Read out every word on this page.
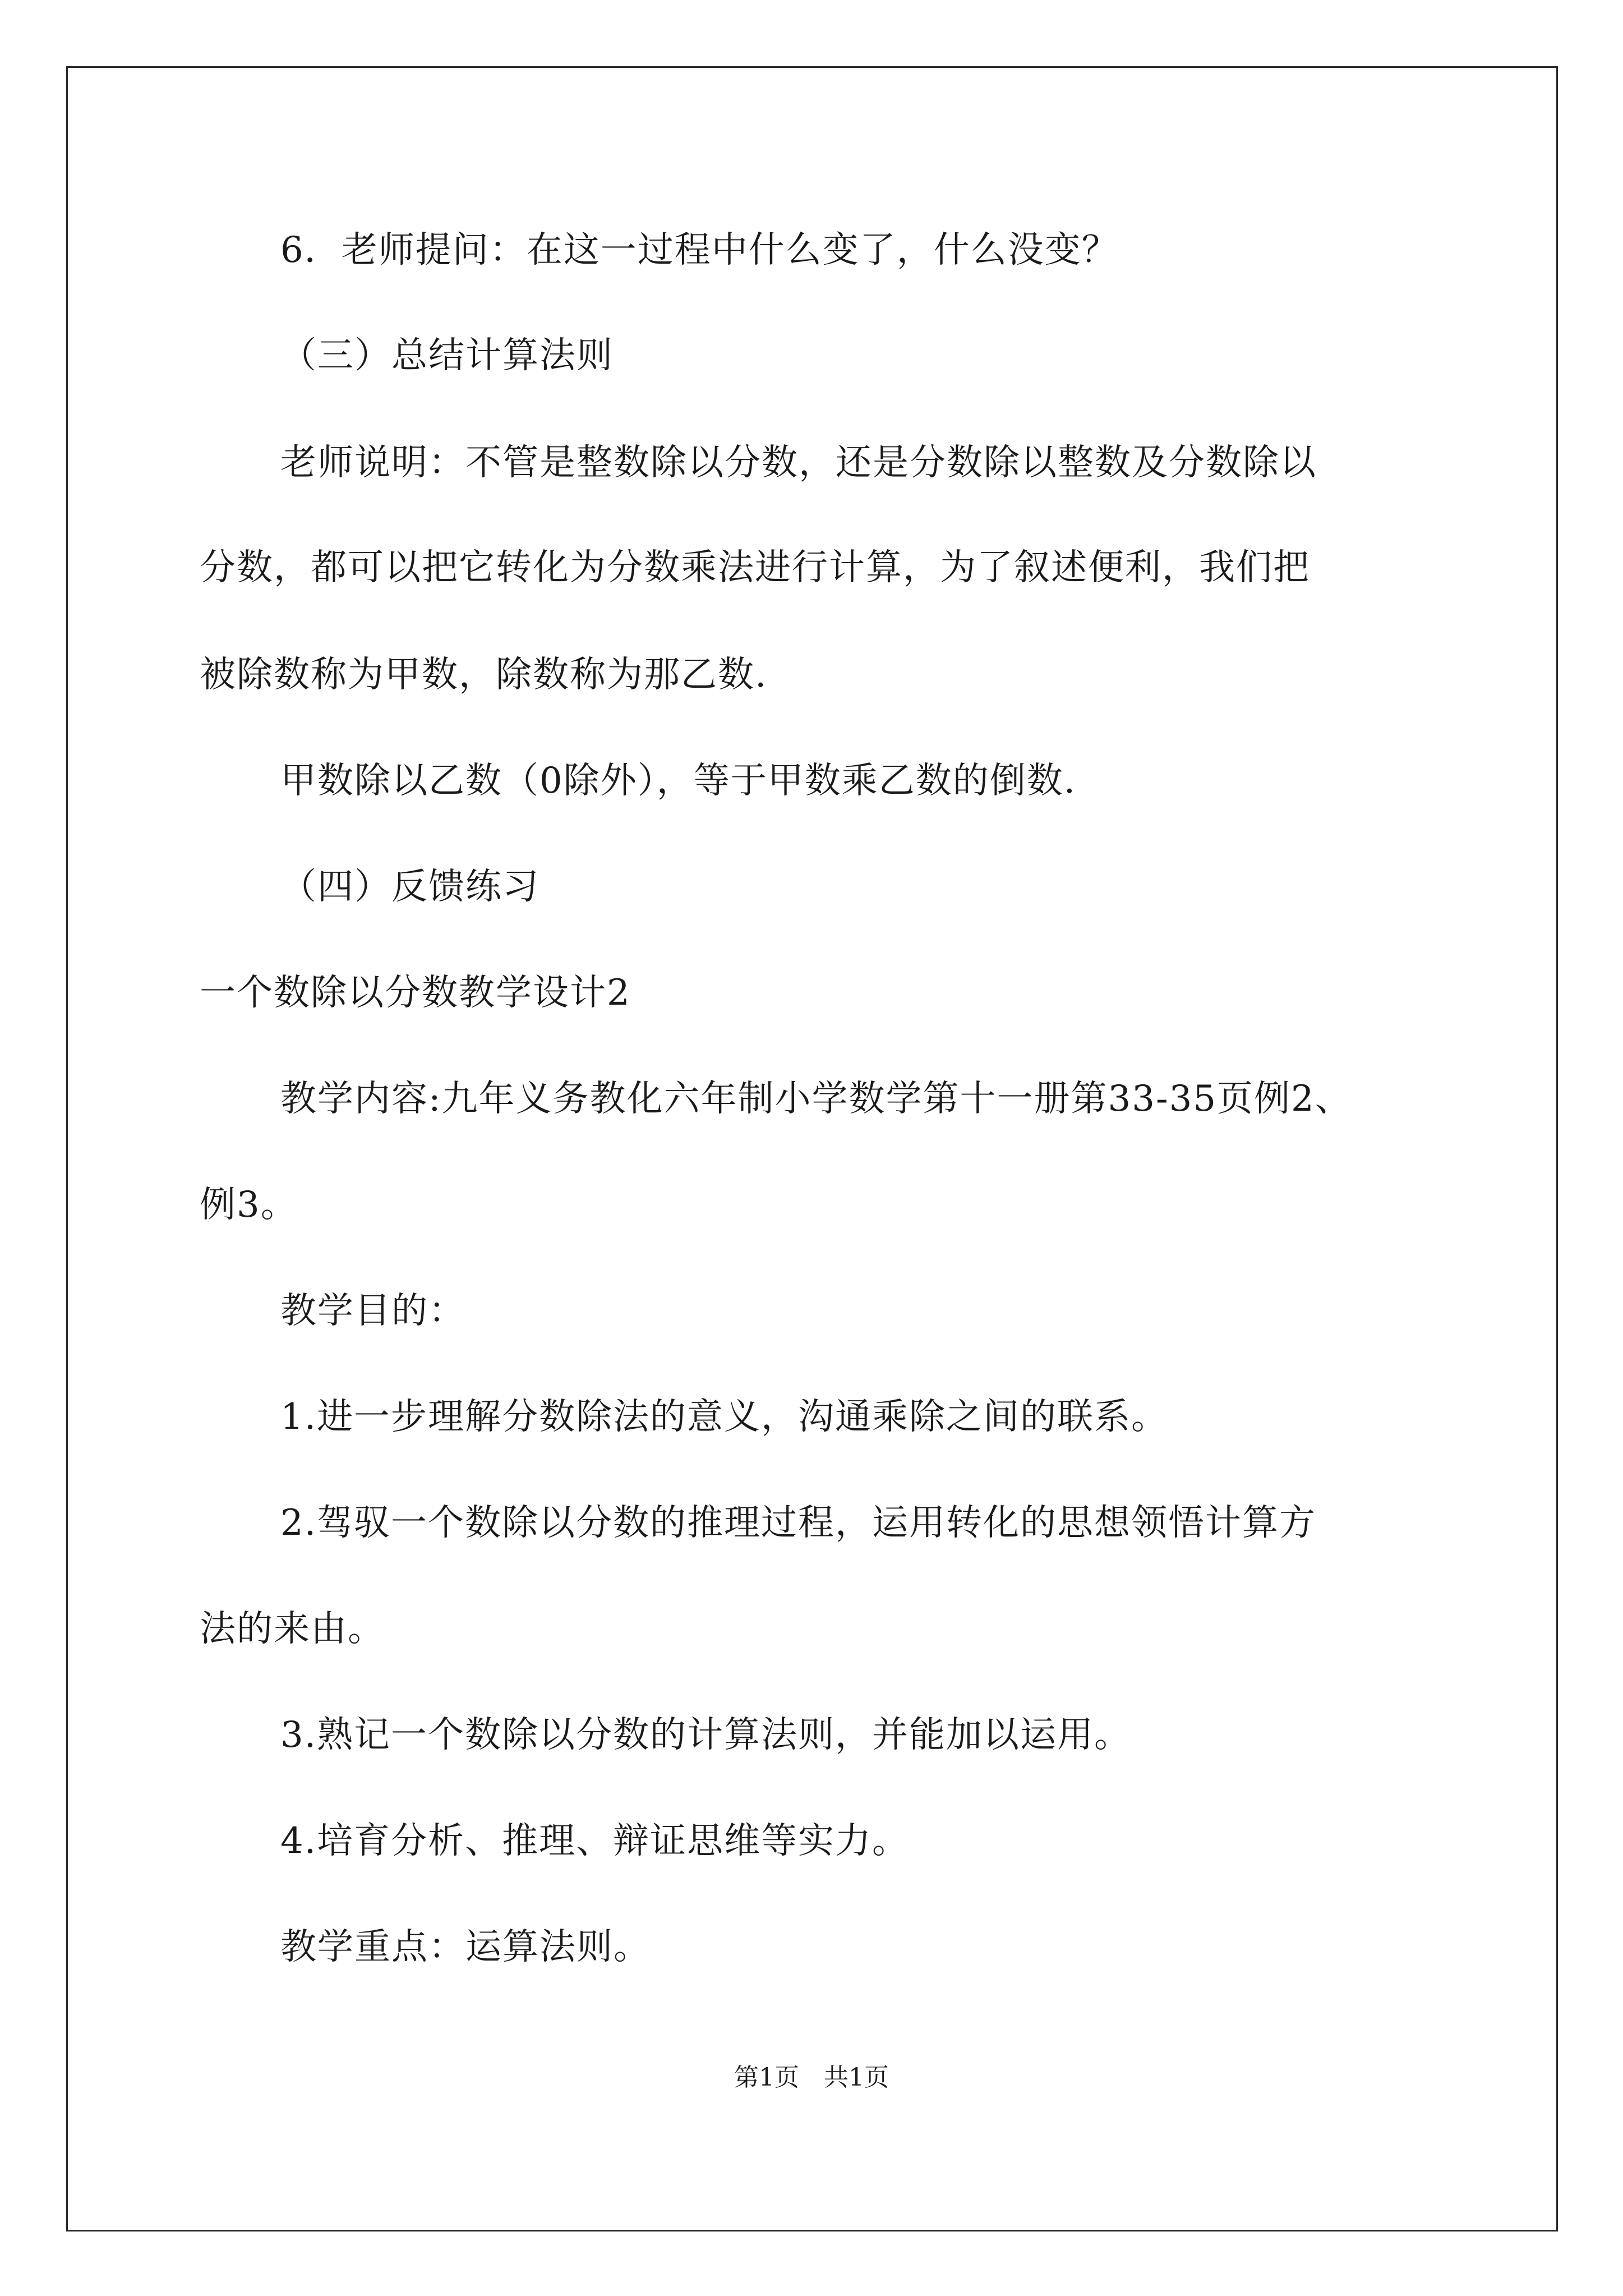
6．老师提问：在这一过程中什么变了，什么没变？
（三）总结计算法则
老师说明：不管是整数除以分数，还是分数除以整数及分数除以
分数，都可以把它转化为分数乘法进行计算，为了叙述便利，我们把
被除数称为甲数，除数称为那乙数.
甲数除以乙数（0除外），等于甲数乘乙数的倒数.
（四）反馈练习
一个数除以分数教学设计2
教学内容:九年义务教化六年制小学数学第十一册第33-35页例2、
例3。
教学目的：
1.进一步理解分数除法的意义，沟通乘除之间的联系。
2.驾驭一个数除以分数的推理过程，运用转化的思想领悟计算方
法的来由。
3.熟记一个数除以分数的计算法则，并能加以运用。
4.培育分析、推理、辩证思维等实力。
教学重点：运算法则。
第1页　共1页
